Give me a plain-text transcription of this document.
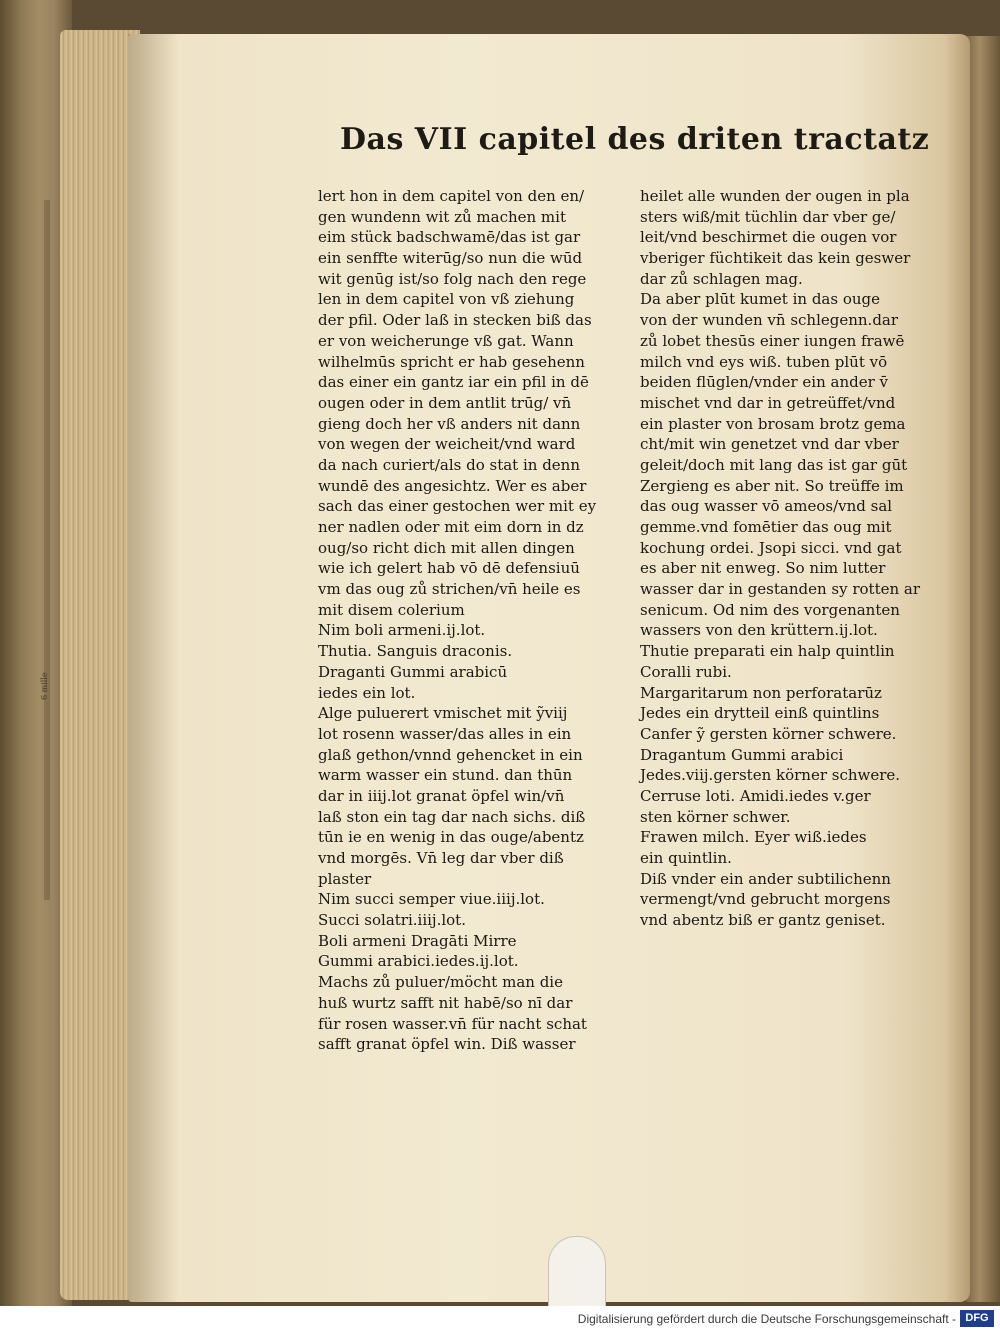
6 mille
Das VII capitel des driten tractatz
lert hon in dem capitel von den en/
gen wundenn wit zů machen mit
eim stück badschwamē/das ist gar
ein senffte witerūg/so nun die wūd
wit genūg ist/so folg nach den rege
len in dem capitel von vß ziehung
der pfil. Oder laß in stecken biß das
er von weicherunge vß gat. Wann
wilhelmūs spricht er hab gesehenn
das einer ein gantz iar ein pfil in dē
ougen oder in dem antlit trūg/ vn̄
gieng doch her vß anders nit dann
von wegen der weicheit/vnd ward
da nach curiert/als do stat in denn
wundē des angesichtz. Wer es aber
sach das einer gestochen wer mit ey
ner nadlen oder mit eim dorn in dz
oug/so richt dich mit allen dingen
wie ich gelert hab vō dē defensiuū
vm das oug zů strichen/vn̄ heile es
mit disem colerium
Nim boli armeni.ij.lot.
Thutia. Sanguis draconis.
Draganti Gummi arabicū
iedes ein lot.
Alge puluerert vmischet mit ỹviij
lot rosenn wasser/das alles in ein
glaß gethon/vnnd gehencket in ein
warm wasser ein stund. dan thūn
dar in iiij.lot granat öpfel win/vn̄
laß ston ein tag dar nach sichs. diß
tūn ie en wenig in das ouge/abentz
vnd morgēs. Vn̄ leg dar vber diß
plaster
Nim succi semper viue.iiij.lot.
Succi solatri.iiij.lot.
Boli armeni Dragāti Mirre
Gummi arabici.iedes.ij.lot.
Machs zů puluer/möcht man die
huß wurtz safft nit habē/so nī dar
für rosen wasser.vn̄ für nacht schat
safft granat öpfel win. Diß wasser
heilet alle wunden der ougen in pla
sters wiß/mit tüchlin dar vber ge/
leit/vnd beschirmet die ougen vor
vberiger füchtikeit das kein geswer
dar zů schlagen mag.
Da aber plūt kumet in das ouge
von der wunden vn̄ schlegenn.dar
zů lobet thesūs einer iungen frawē
milch vnd eys wiß. tuben plūt vō
beiden flūglen/vnder ein ander v̄
mischet vnd dar in getreüffet/vnd
ein plaster von brosam brotz gema
cht/mit win genetzet vnd dar vber
geleit/doch mit lang das ist gar gūt
Zergieng es aber nit. So treüffe im
das oug wasser vō ameos/vnd sal
gemme.vnd fomētier das oug mit
kochung ordei. Jsopi sicci. vnd gat
es aber nit enweg. So nim lutter
wasser dar in gestanden sy rotten ar
senicum. Od nim des vorgenanten
wassers von den krüttern.ij.lot.
Thutie preparati ein halp quintlin
Coralli rubi.
Margaritarum non perforatarūz
Jedes ein drytteil einß quintlins
Canfer ỹ gersten körner schwere.
Dragantum Gummi arabici
Jedes.viij.gersten körner schwere.
Cerruse loti. Amidi.iedes v.ger
sten körner schwer.
Frawen milch. Eyer wiß.iedes
ein quintlin.
Diß vnder ein ander subtilichenn
vermengt/vnd gebrucht morgens
vnd abentz biß er gantz geniset.
Digitalisierung gefördert durch die Deutsche Forschungsgemeinschaft - DFG
